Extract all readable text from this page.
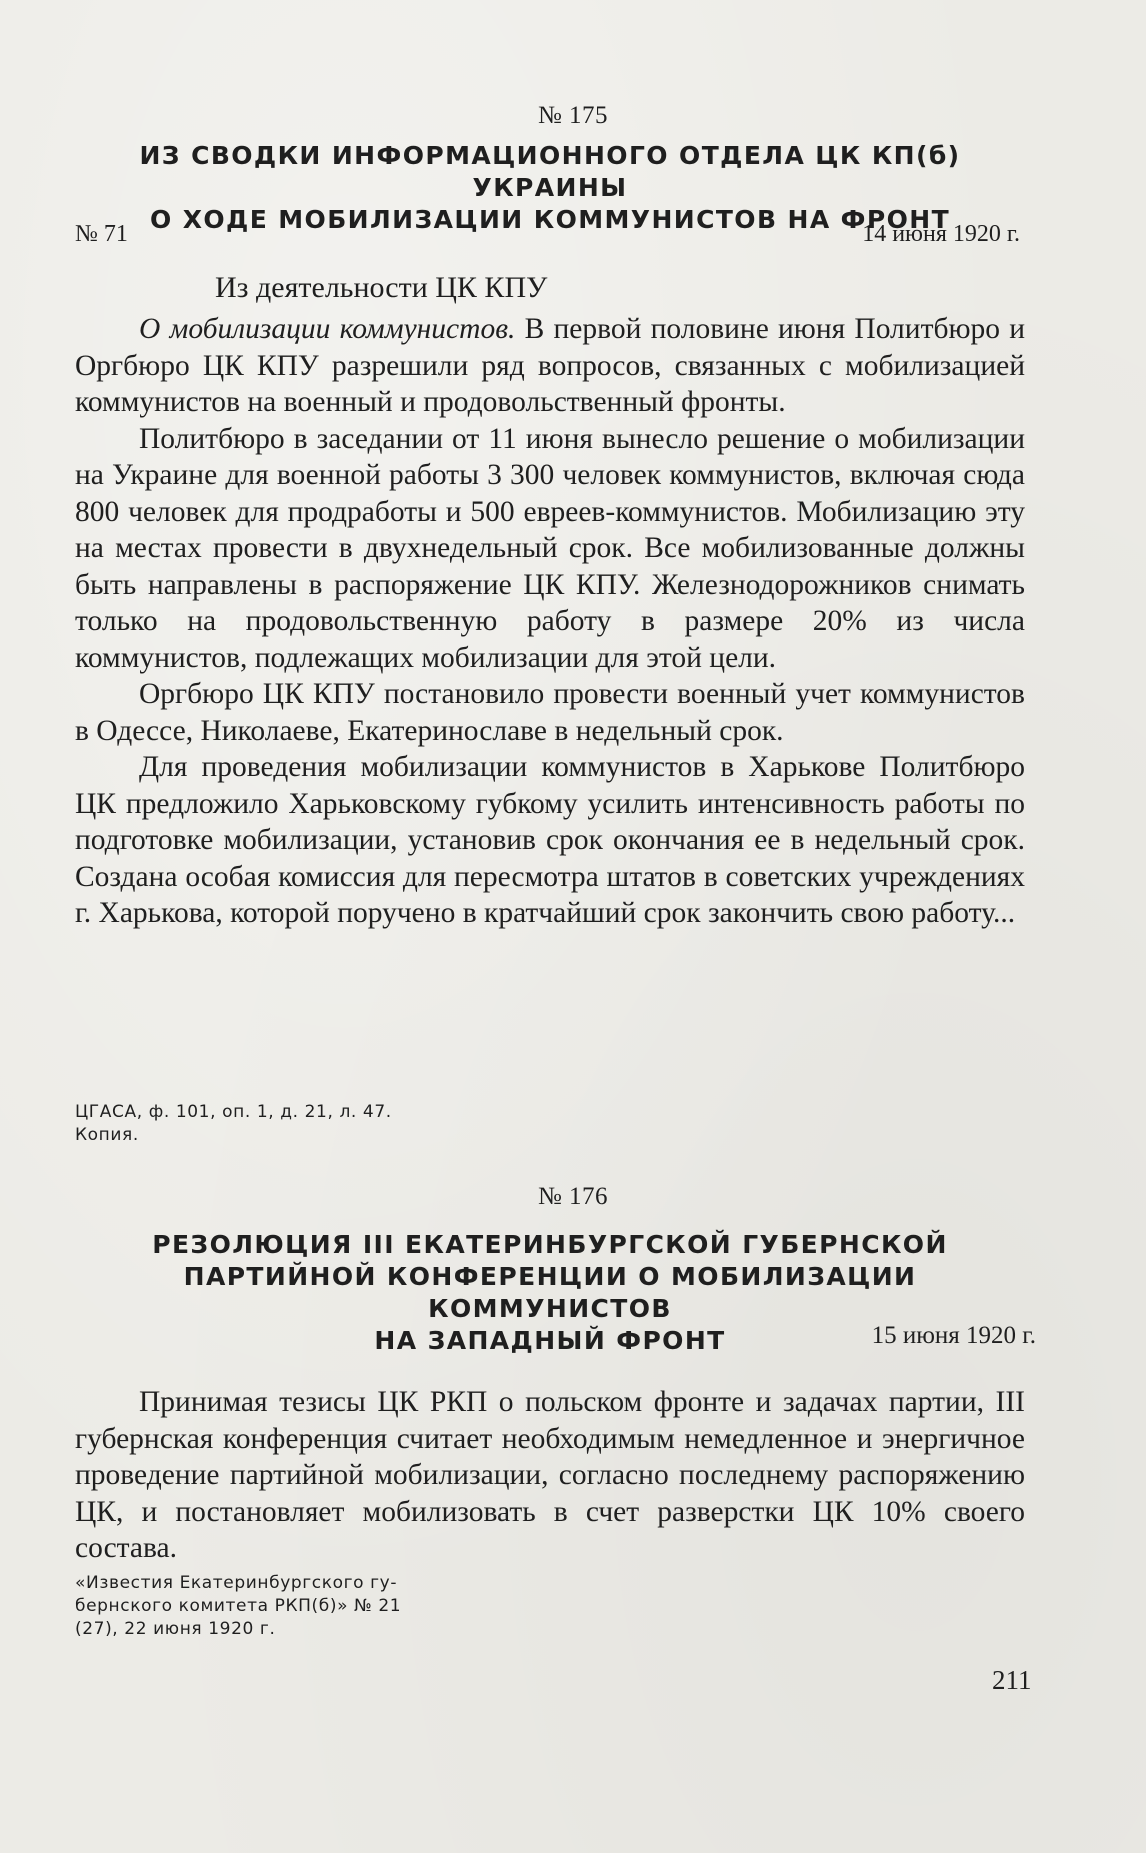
№ 175
ИЗ СВОДКИ ИНФОРМАЦИОННОГО ОТДЕЛА ЦК КП(б) УКРАИНЫ
О ХОДЕ МОБИЛИЗАЦИИ КОММУНИСТОВ НА ФРОНТ
№ 71	14 июня 1920 г.
Из деятельности ЦК КПУ

О мобилизации коммунистов. В первой половине июня Политбюро и Оргбюро ЦК КПУ разрешили ряд вопросов, связанных с мобилизацией коммунистов на военный и продовольственный фронты.

Политбюро в заседании от 11 июня вынесло решение о мобилизации на Украине для военной работы 3 300 человек коммунистов, включая сюда 800 человек для продработы и 500 евреев-коммунистов. Мобилизацию эту на местах провести в двухнедельный срок. Все мобилизованные должны быть направлены в распоряжение ЦК КПУ. Железнодорожников снимать только на продовольственную работу в размере 20% из числа коммунистов, подлежащих мобилизации для этой цели.

Оргбюро ЦК КПУ постановило провести военный учет коммунистов в Одессе, Николаеве, Екатеринославе в недельный срок.

Для проведения мобилизации коммунистов в Харькове Политбюро ЦК предложило Харьковскому губкому усилить интенсивность работы по подготовке мобилизации, установив срок окончания ее в недельный срок. Создана особая комиссия для пересмотра штатов в советских учреждениях г. Харькова, которой поручено в кратчайший срок закончить свою работу...

ЦГАСА, ф. 101, оп. 1, д. 21, л. 47.
Копия.
№ 176
РЕЗОЛЮЦИЯ III ЕКАТЕРИНБУРГСКОЙ ГУБЕРНСКОЙ
ПАРТИЙНОЙ КОНФЕРЕНЦИИ О МОБИЛИЗАЦИИ КОММУНИСТОВ
НА ЗАПАДНЫЙ ФРОНТ	15 июня 1920 г.

Принимая тезисы ЦК РКП о польском фронте и задачах партии, III губернская конференция считает необходимым немедленное и энергичное проведение партийной мобилизации, согласно последнему распоряжению ЦК, и постановляет мобилизовать в счет разверстки ЦК 10% своего состава.

«Известия Екатеринбургского гу-
бернского комитета РКП(б)» № 21
(27), 22 июня 1920 г.
211
